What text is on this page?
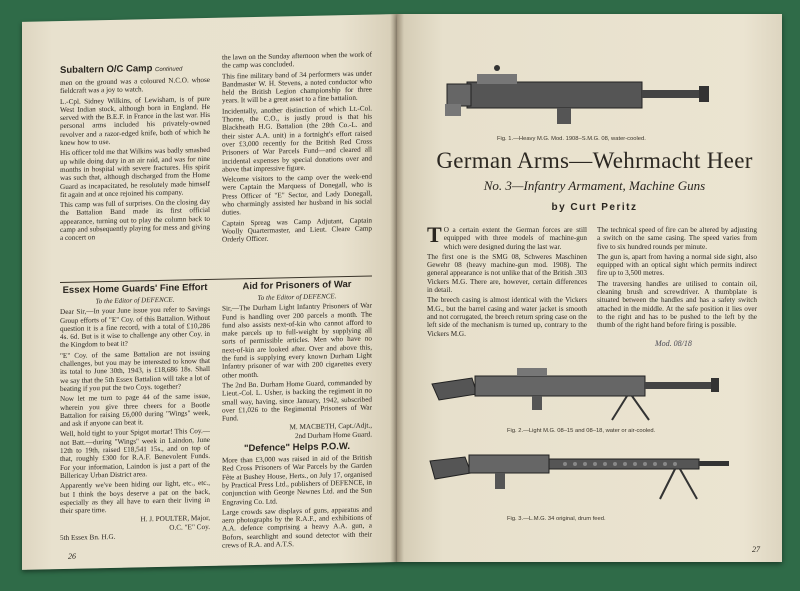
Subaltern O/C Camp Continued

men on the ground was a coloured N.C.O. whose fieldcraft was a joy to watch.

L.-Cpl. Sidney Wilkins, of Lewisham, is of pure West Indian stock, although born in England. He served with the B.E.F. in France in the last war. His personal arms included his privately-owned revolver and a razor-edged knife, both of which he knew how to use.

His officer told me that Wilkins was badly smashed up while doing duty in an air raid, and was for nine months in hospital with severe fractures. His spirit was such that, although discharged from the Home Guard as incapacitated, he resolutely made himself fit again and at once rejoined his company.

This camp was full of surprises. On the closing day the Battalion Band made its first official appearance, turning out to play the column back to camp and subsequently playing for mess and giving a concert on

the lawn on the Sunday afternoon when the work of the camp was concluded.

This fine military band of 34 performers was under Bandmaster W. H. Stevens, a noted conductor who held the British Legion championship for three years. It will be a great asset to a fine battalion.

Incidentally, another distinction of which Lt.-Col. Thorne, the C.O., is justly proud is that his Blackheath H.G. Battalion (the 28th Co.-L. and their sister A.A. unit) in a fortnight's effort raised over £3,000 recently for the British Red Cross Prisoners of War Parcels Fund—and cleared all incidental expenses by special donations over and above that impressive figure.

Welcome visitors to the camp over the week-end were Captain the Marquess of Donegall, who is Press Officer of "E" Sector, and Lady Donegall, who charmingly assisted her husband in his social duties.

Captain Spreag was Camp Adjutant, Captain Woolly Quartermaster, and Lieut. Cleare Camp Orderly Officer.

Essex Home Guards' Fine Effort
To the Editor of DEFENCE.

Dear Sir,—In your June issue you refer to Savings Group efforts of "E" Coy. of this Battalion. Without question it is a fine record, with a total of £10,286 4s. 6d. But is it wise to challenge any other Coy. in the Kingdom to beat it?

"E" Coy. of the same Battalion are not issuing challenges, but you may be interested to know that its total to June 30th, 1943, is £18,686 18s. Shall we say that the 5th Essex Battalion will take a lot of beating if you put the two Coys. together?

Now let me turn to page 44 of the same issue, wherein you give three cheers for a Bootle Battalion for raising £6,000 during "Wings" week, and ask if anyone can beat it.

Well, hold tight to your Spigot mortar! This Coy.—not Batt.—during "Wings" week in Laindon, June 12th to 19th, raised £18,541 15s., and on top of that, roughly £300 for R.A.F. Benevolent Funds. For your information, Laindon is just a part of the Billericay Urban District area.

Apparently we've been hiding our light, etc., etc., but I think the boys deserve a pat on the back, especially as they all have to earn their living in their spare time.

H. J. POULTER, Major,
O.C. "E" Coy.
5th Essex Bn. H.G.
Aid for Prisoners of War
To the Editor of DEFENCE.

Sir,—The Durham Light Infantry Prisoners of War Fund is handling over 200 parcels a month. The fund also assists next-of-kin who cannot afford to make parcels up to full-weight by supplying all sorts of permissible articles. Men who have no next-of-kin are looked after. Over and above this, the fund is supplying every known Durham Light Infantry prisoner of war with 200 cigarettes every other month.

The 2nd Bn. Durham Home Guard, commanded by Lieut.-Col. L. Usher, is backing the regiment in no small way, having, since January, 1942, subscribed over £1,026 to the Regimental Prisoners of War Fund.

M. MACBETH, Capt./Adjt.,
2nd Durham Home Guard.
"Defence" Helps P.O.W.

More than £3,000 was raised in aid of the British Red Cross Prisoners of War Parcels by the Garden Fête at Bushey House, Herts., on July 17, organised by Practical Press Ltd., publishers of DEFENCE, in conjunction with George Newnes Ltd. and the Sun Engraving Co. Ltd.

Large crowds saw displays of guns, apparatus and aero photographs by the R.A.F., and exhibitions of A.A. defence comprising a heavy A.A. gun, a Bofors, searchlight and sound detector with their crews of R.A. and A.T.S.

26
Fig. 1.—Heavy M.G. Mod. 1908–S.M.G. 08, water-cooled.
German Arms—Wehrmacht Heer
No. 3—Infantry Armament, Machine Guns
by Curt Peritz
T O a certain extent the German forces are still equipped with three models of machine-gun which were designed during the last war.

The first one is the SMG 08, Schweres Maschinen Gewehr 08 (heavy machine-gun mod. 1908). The general appearance is not unlike that of the British .303 Vickers M.G. There are, however, certain differences in detail.

The breech casing is almost identical with the Vickers M.G., but the barrel casing and water jacket is smooth and not corrugated, the breech return spring case on the left side of the mechanism is turned up, contrary to the Vickers M.G.

The technical speed of fire can be altered by adjusting a switch on the same casing. The speed varies from five to six hundred rounds per minute.

The gun is, apart from having a normal side sight, also equipped with an optical sight which permits indirect fire up to 3,500 metres.

The traversing handles are utilised to contain oil, cleaning brush and screwdriver. A thumbplate is situated between the handles and has a safety switch attached in the middle. At the safe position it lies over to the right and has to be pushed to the left by the thumb of the right hand before firing is possible.

Mod. 08/18
Fig. 2.—Light M.G. 08–15 and 08–18, water or air-cooled.
Fig. 3.—L.M.G. 34 original, drum feed.
27
